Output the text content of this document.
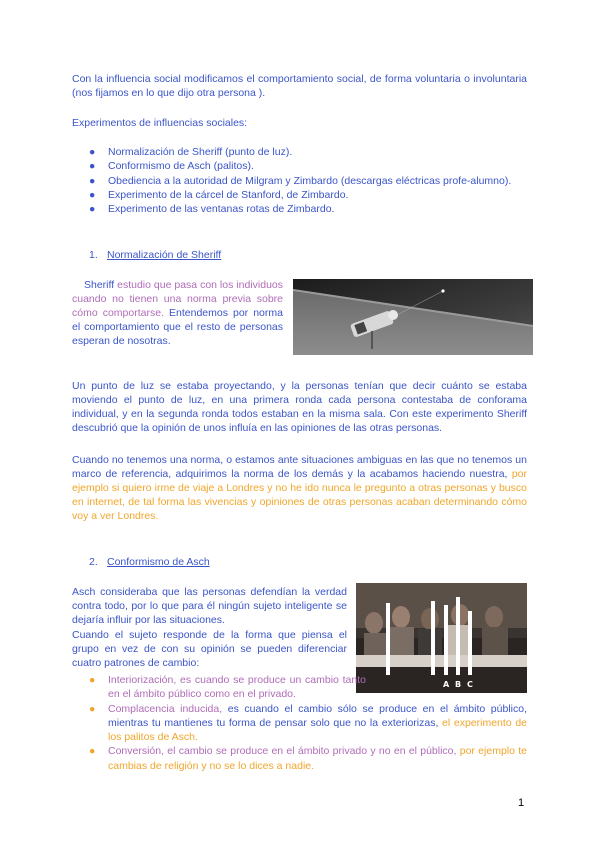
Con la influencia social modificamos el comportamiento social, de forma voluntaria o involuntaria (nos fijamos en lo que dijo otra persona ).
Experimentos de influencias sociales:
● Normalización de Sheriff (punto de luz).
● Conformismo de Asch (palitos).
● Obediencia a la autoridad de Milgram y Zimbardo (descargas eléctricas profe-alumno).
● Experimento de la cárcel de Stanford, de Zimbardo.
● Experimento de las ventanas rotas de Zimbardo.
1. Normalización de Sheriff
Sheriff estudio que pasa con los individuos cuando no tienen una norma previa sobre cómo comportarse. Entendemos por norma el comportamiento que el resto de personas esperan de nosotras.
Un punto de luz se estaba proyectando, y la personas tenían que decir cuánto se estaba moviendo el punto de luz, en una primera ronda cada persona contestaba de conforama individual, y en la segunda ronda todos estaban en la misma sala. Con este experimento Sheriff descubrió que la opinión de unos influía en las opiniones de las otras personas.
Cuando no tenemos una norma, o estamos ante situaciones ambiguas en las que no tenemos un marco de referencia, adquirimos la norma de los demás y la acabamos haciendo nuestra, por ejemplo si quiero irme de viaje a Londres y no he ido nunca le pregunto a otras personas y busco en internet, de tal forma las vivencias y opiniones de otras personas acaban determinando cómo voy a ver Londres.
2. Conformismo de Asch
A B C
Asch consideraba que las personas defendían la verdad contra todo, por lo que para él ningún sujeto inteligente se dejaría influir por las situaciones.
Cuando el sujeto responde de la forma que piensa el grupo en vez de con su opinión se pueden diferenciar cuatro patrones de cambio:
● Interiorización, es cuando se produce un cambio tanto en el ámbito público como en el privado.
● Complacencia inducida, es cuando el cambio sólo se produce en el ámbito público, mientras tu mantienes tu forma de pensar solo que no la exteriorizas, el experimento de los palitos de Asch.
● Conversión, el cambio se produce en el ámbito privado y no en el público, por ejemplo te cambias de religión y no se lo dices a nadie.
1
